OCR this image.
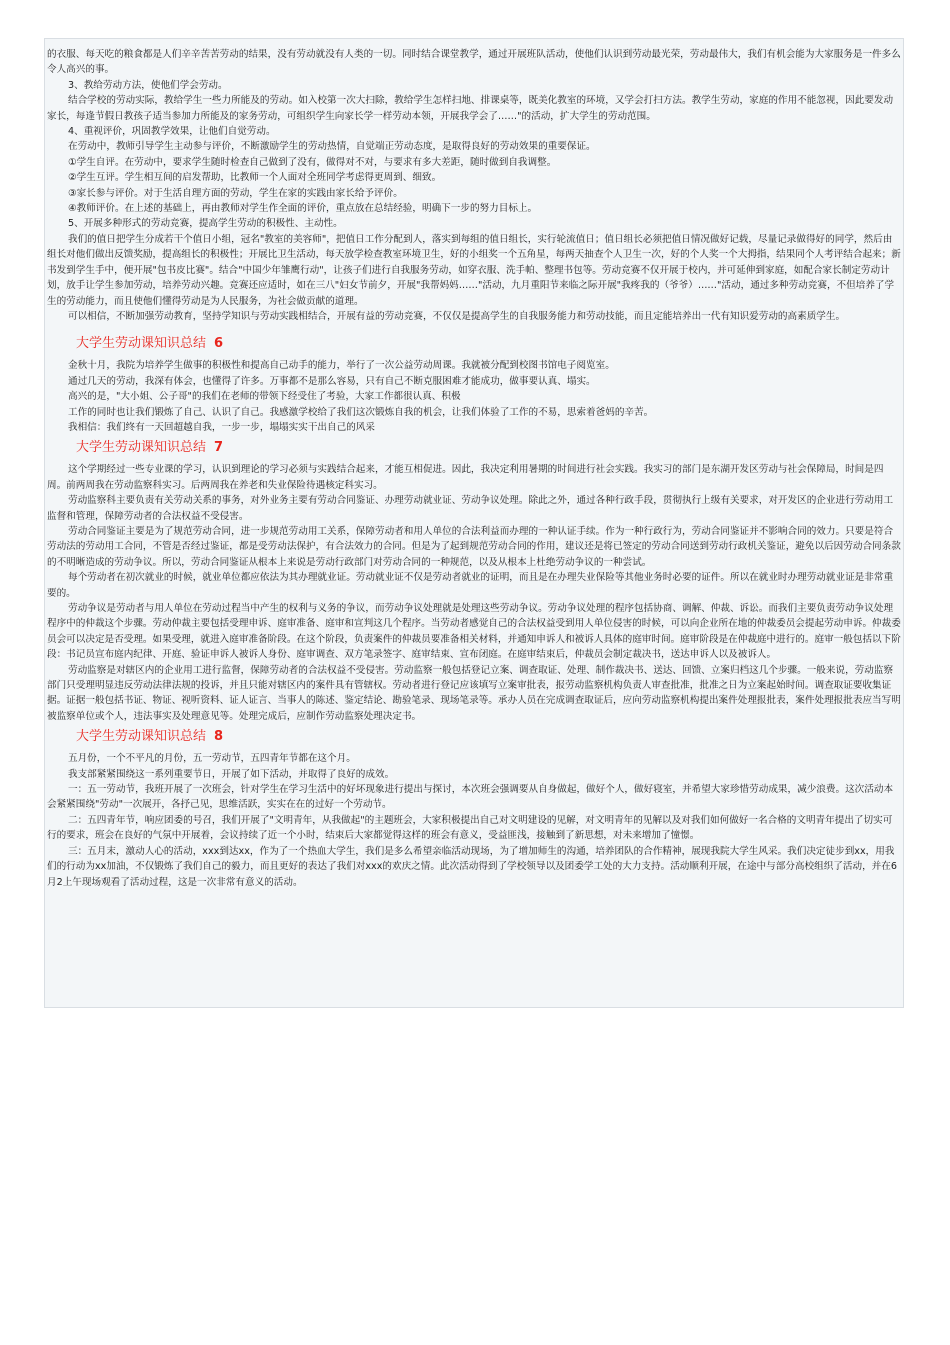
的衣服、每天吃的粮食都是人们辛辛苦苦劳动的结果，没有劳动就没有人类的一切。同时结合课堂教学，通过开展班队活动，使他们认识到劳动最光荣，劳动最伟大，我们有机会能为大家服务是一件多么令人高兴的事。

3、教给劳动方法，使他们学会劳动。

结合学校的劳动实际，教给学生一些力所能及的劳动。如入校第一次大扫除，教给学生怎样扫地、排课桌等，既美化教室的环境，又学会打扫方法。教学生劳动，家庭的作用不能忽视，因此要发动家长，每逢节假日教孩子适当参加力所能及的家务劳动，可组织学生向家长学一样劳动本领，开展我学会了……"的活动，扩大学生的劳动范围。

4、重视评价，巩固教学效果，让他们自觉劳动。

在劳动中，教师引导学生主动参与评价，不断激励学生的劳动热情，自觉端正劳动态度，是取得良好的劳动效果的重要保证。

①学生自评。在劳动中，要求学生随时检查自己做到了没有，做得对不对，与要求有多大差距，随时做到自我调整。

②学生互评。学生相互间的启发帮助，比教师一个人面对全班同学考虑得更周到、细致。

③家长参与评价。对于生活自理方面的劳动，学生在家的实践由家长给予评价。

④教师评价。在上述的基础上，再由教师对学生作全面的评价，重点放在总结经验，明确下一步的努力目标上。

5、开展多种形式的劳动竞赛，提高学生劳动的积极性、主动性。

我们的值日把学生分成若干个值日小组，冠名"教室的美容师"，把值日工作分配到人，落实到每组的值日组长，实行轮流值日；值日组长必须把值日情况做好记载，尽量记录做得好的同学，然后由组长对他们做出反馈奖励，提高组长的积极性；开展比卫生活动，每天放学检查教室环境卫生，好的小组奖一个五角星，每两天抽查个人卫生一次，好的个人奖一个大拇指，结果同个人考评结合起来；新书发到学生手中，便开展"包书皮比赛"。结合"中国少年雏鹰行动"，让孩子们进行自我服务劳动，如穿衣服、洗手帕、整理书包等。劳动竞赛不仅开展于校内，并可延伸到家庭，如配合家长制定劳动计划，放手让学生参加劳动，培养劳动兴趣。竞赛还应适时，如在三八"妇女节前夕，开展"我帮妈妈……"活动，九月重阳节来临之际开展"我疼我的（爷爷）……"活动，通过多种劳动竞赛，不但培养了学生的劳动能力，而且使他们懂得劳动是为人民服务，为社会做贡献的道理。

可以相信，不断加强劳动教育，坚持学知识与劳动实践相结合，开展有益的劳动竞赛，不仅仅是提高学生的自我服务能力和劳动技能，而且定能培养出一代有知识爱劳动的高素质学生。

大学生劳动课知识总结 6

金秋十月，我院为培养学生做事的积极性和提高自己动手的能力，举行了一次公益劳动周课。我就被分配到校图书馆电子阅览室。

通过几天的劳动，我深有体会，也懂得了许多。万事都不是那么容易，只有自己不断克服困难才能成功，做事要认真、塌实。

高兴的是，"大小姐、公子哥"的我们在老师的带领下经受住了考验，大家工作都很认真、积极

工作的同时也让我们锻炼了自己、认识了自己。我感激学校给了我们这次锻炼自我的机会，让我们体验了工作的不易，思索着爸妈的辛苦。

我相信：我们终有一天回超越自我，一步一步，塌塌实实干出自己的风采

大学生劳动课知识总结 7

这个学期经过一些专业课的学习，认识到理论的学习必须与实践结合起来，才能互相促进。因此，我决定利用暑期的时间进行社会实践。我实习的部门是东湖开发区劳动与社会保障局，时间是四周。前两周我在劳动监察科实习。后两周我在养老和失业保险待遇核定科实习。

劳动监察科主要负责有关劳动关系的事务，对外业务主要有劳动合同鉴证、办理劳动就业证、劳动争议处理。除此之外，通过各种行政手段，贯彻执行上级有关要求，对开发区的企业进行劳动用工监督和管理，保障劳动者的合法权益不受侵害。

劳动合同鉴证主要是为了规范劳动合同，进一步规范劳动用工关系，保障劳动者和用人单位的合法利益而办理的一种认证手续。作为一种行政行为，劳动合同鉴证并不影响合同的效力。只要是符合劳动法的劳动用工合同，不管是否经过鉴证，都是受劳动法保护，有合法效力的合同。但是为了起到规范劳动合同的作用，建议还是将已签定的劳动合同送到劳动行政机关鉴证，避免以后因劳动合同条款的不明晰造成的劳动争议。所以，劳动合同鉴证从根本上来说是劳动行政部门对劳动合同的一种规范，以及从根本上杜绝劳动争议的一种尝试。

每个劳动者在初次就业的时候，就业单位都应依法为其办理就业证。劳动就业证不仅是劳动者就业的证明，而且是在办理失业保险等其他业务时必要的证件。所以在就业时办理劳动就业证是非常重要的。

劳动争议是劳动者与用人单位在劳动过程当中产生的权利与义务的争议，而劳动争议处理就是处理这些劳动争议。劳动争议处理的程序包括协商、调解、仲裁、诉讼。而我们主要负责劳动争议处理程序中的仲裁这个步骤。劳动仲裁主要包括受理申诉、庭审准备、庭审和宣判这几个程序。当劳动者感觉自己的合法权益受到用人单位侵害的时候，可以向企业所在地的仲裁委员会提起劳动申诉。仲裁委员会可以决定是否受理。如果受理，就进入庭审准备阶段。在这个阶段，负责案件的仲裁员要准备相关材料，并通知申诉人和被诉人具体的庭审时间。庭审阶段是在仲裁庭中进行的。庭审一般包括以下阶段：书记员宣布庭内纪律、开庭、验证申诉人被诉人身份、庭审调查、双方笔录签字、庭审结束、宣布闭庭。在庭审结束后，仲裁员会制定裁决书，送达申诉人以及被诉人。

劳动监察是对辖区内的企业用工进行监督，保障劳动者的合法权益不受侵害。劳动监察一般包括登记立案、调查取证、处理、制作裁决书、送达、回馈、立案归档这几个步骤。一般来说，劳动监察部门只受理明显违反劳动法律法规的投诉，并且只能对辖区内的案件具有管辖权。劳动者进行登记应该填写立案审批表，报劳动监察机构负责人审查批准，批准之日为立案起始时间。调查取证要收集证据。证据一般包括书证、物证、视听资料、证人证言、当事人的陈述、鉴定结论、勘验笔录、现场笔录等。承办人员在完成调查取证后，应向劳动监察机构提出案件处理报批表，案件处理报批表应当写明被监察单位或个人，违法事实及处理意见等。处理完成后，应制作劳动监察处理决定书。

大学生劳动课知识总结 8

五月份，一个不平凡的月份，五一劳动节，五四青年节都在这个月。

我支部紧紧围绕这一系列重要节日，开展了如下活动，并取得了良好的成效。

一：五一劳动节，我班开展了一次班会，针对学生在学习生活中的好坏现象进行提出与探讨，本次班会强调要从自身做起，做好个人，做好寝室，并希望大家珍惜劳动成果，减少浪费。这次活动本会紧紧围绕"劳动"一次展开，各抒己见，思维活跃，实实在在的过好一个劳动节。

二：五四青年节，响应团委的号召，我们开展了"文明青年，从我做起"的主题班会，大家积极提出自己对文明建设的见解，对文明青年的见解以及对我们如何做好一名合格的文明青年提出了切实可行的要求，班会在良好的气氛中开展着，会议持续了近一个小时，结束后大家都觉得这样的班会有意义，受益匪浅，接触到了新思想，对未来增加了憧憬。

三：五月末，激动人心的活动，xxx到达xx，作为了一个热血大学生，我们是多么希望亲临活动现场，为了增加师生的沟通，培养团队的合作精神，展现我院大学生风采。我们决定徒步到xx，用我们的行动为xx加油，不仅锻炼了我们自己的毅力，而且更好的表达了我们对xxx的欢庆之情。此次活动得到了学校领导以及团委学工处的大力支持。活动顺利开展，在途中与部分高校组织了活动，并在6月2上午现场观看了活动过程，这是一次非常有意义的活动。
